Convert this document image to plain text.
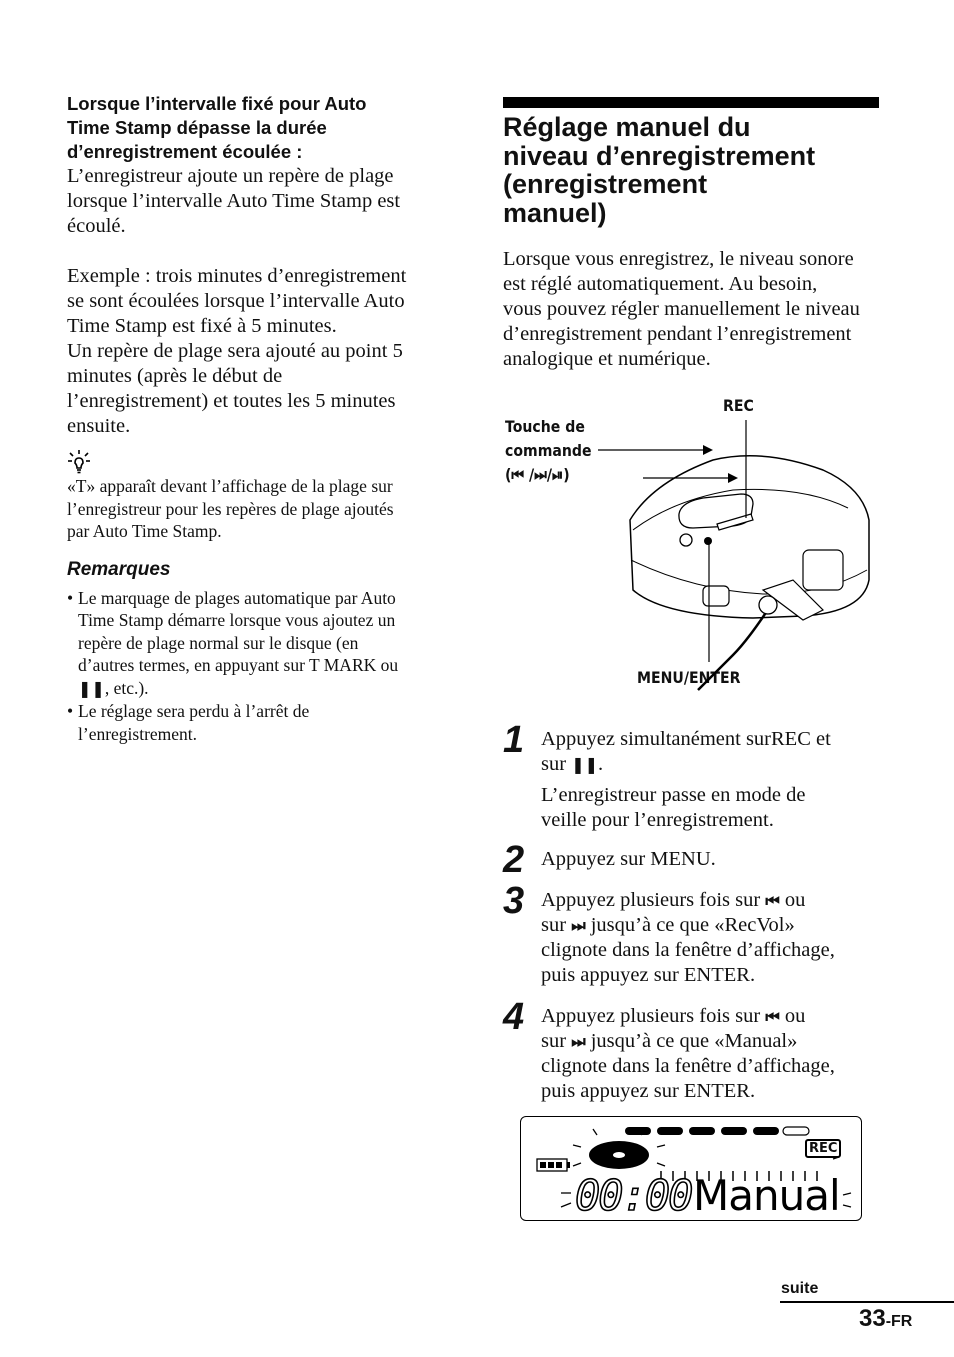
Lorsque l’intervalle fixé pour Auto
Time Stamp dépasse la durée
d’enregistrement écoulée :

L’enregistreur ajoute un repère de plage
lorsque l’intervalle Auto Time Stamp est
écoulé.

Exemple : trois minutes d’enregistrement
se sont écoulées lorsque l’intervalle Auto
Time Stamp est fixé à 5 minutes.
Un repère de plage sera ajouté au point 5
minutes (après le début de
l’enregistrement) et toutes les 5 minutes
ensuite.

«T» apparaît devant l’affichage de la plage sur
l’enregistreur pour les repères de plage ajoutés
par Auto Time Stamp.

Remarques

• Le marquage de plages automatique par Auto
Time Stamp démarre lorsque vous ajoutez un
repère de plage normal sur le disque (en
d’autres termes, en appuyant sur T MARK ou
❚❚, etc.).
• Le réglage sera perdu à l’arrêt de
l’enregistrement.
Réglage manuel du
niveau d’enregistrement
(enregistrement
manuel)

Lorsque vous enregistrez, le niveau sonore
est réglé automatiquement. Au besoin,
vous pouvez régler manuellement le niveau
d’enregistrement pendant l’enregistrement
analogique et numérique.

REC
Touche de
commande
(⏮ /⏭/⏯)
MENU/ENTER
1 Appuyez simultanément surREC et
sur ❚❚.

L’enregistreur passe en mode de
veille pour l’enregistrement.

2 Appuyez sur MENU.

3 Appuyez plusieurs fois sur ⏮ ou
sur ⏭ jusqu’à ce que «RecVol»
clignote dans la fenêtre d’affichage,
puis appuyez sur ENTER.

4 Appuyez plusieurs fois sur ⏮ ou
sur ⏭ jusqu’à ce que «Manual»
clignote dans la fenêtre d’affichage,
puis appuyez sur ENTER.

REC
00:00 Manual
suite
33-FR
